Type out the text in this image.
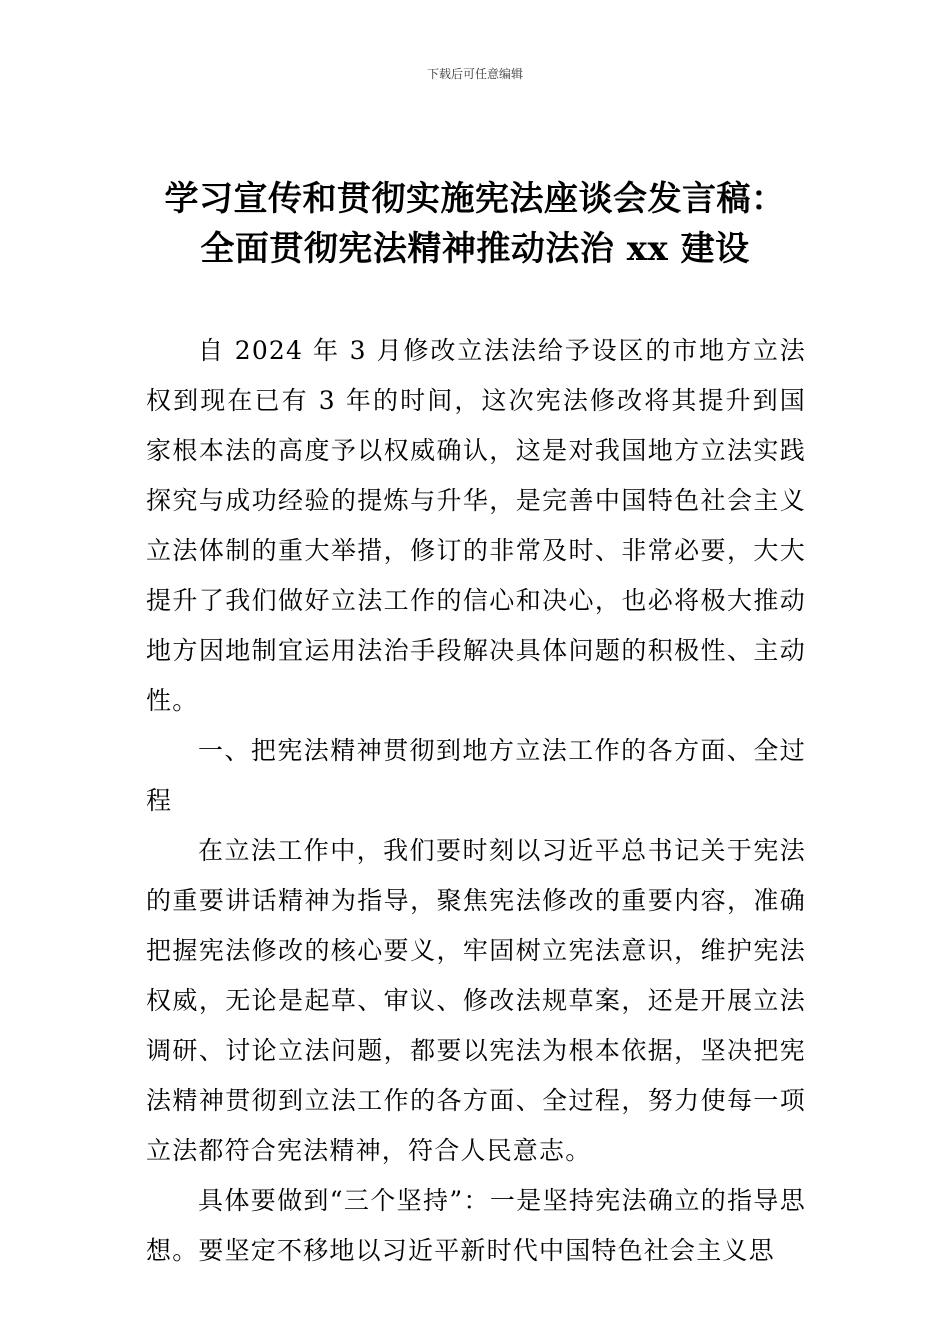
下载后可任意编辑
学习宣传和贯彻实施宪法座谈会发言稿：
全面贯彻宪法精神推动法治 xx 建设

自 2024 年 3 月修改立法法给予设区的市地方立法权到现在已有 3 年的时间，这次宪法修改将其提升到国家根本法的高度予以权威确认，这是对我国地方立法实践探究与成功经验的提炼与升华，是完善中国特色社会主义立法体制的重大举措，修订的非常及时、非常必要，大大提升了我们做好立法工作的信心和决心，也必将极大推动地方因地制宜运用法治手段解决具体问题的积极性、主动性。

一、把宪法精神贯彻到地方立法工作的各方面、全过程

在立法工作中，我们要时刻以习近平总书记关于宪法的重要讲话精神为指导，聚焦宪法修改的重要内容，准确把握宪法修改的核心要义，牢固树立宪法意识，维护宪法权威，无论是起草、审议、修改法规草案，还是开展立法调研、讨论立法问题，都要以宪法为根本依据，坚决把宪法精神贯彻到立法工作的各方面、全过程，努力使每一项立法都符合宪法精神，符合人民意志。

具体要做到“三个坚持”：一是坚持宪法确立的指导思想。要坚定不移地以习近平新时代中国特色社会主义思
